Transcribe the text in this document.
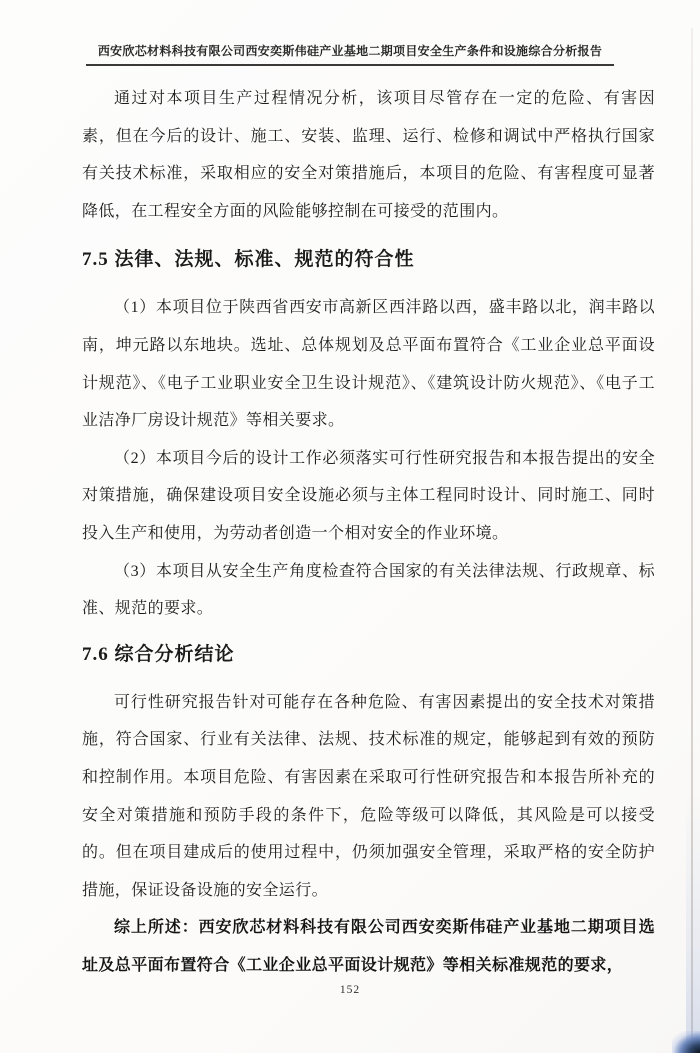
西安欣芯材料科技有限公司西安奕斯伟硅产业基地二期项目安全生产条件和设施综合分析报告

通过对本项目生产过程情况分析，该项目尽管存在一定的危险、有害因素，但在今后的设计、施工、安装、监理、运行、检修和调试中严格执行国家有关技术标准，采取相应的安全对策措施后，本项目的危险、有害程度可显著降低，在工程安全方面的风险能够控制在可接受的范围内。

7.5 法律、法规、标准、规范的符合性

（1）本项目位于陕西省西安市高新区西沣路以西，盛丰路以北，润丰路以南，坤元路以东地块。选址、总体规划及总平面布置符合《工业企业总平面设计规范》、《电子工业职业安全卫生设计规范》、《建筑设计防火规范》、《电子工业洁净厂房设计规范》等相关要求。

（2）本项目今后的设计工作必须落实可行性研究报告和本报告提出的安全对策措施，确保建设项目安全设施必须与主体工程同时设计、同时施工、同时投入生产和使用，为劳动者创造一个相对安全的作业环境。

（3）本项目从安全生产角度检查符合国家的有关法律法规、行政规章、标准、规范的要求。

7.6 综合分析结论

可行性研究报告针对可能存在各种危险、有害因素提出的安全技术对策措施，符合国家、行业有关法律、法规、技术标准的规定，能够起到有效的预防和控制作用。本项目危险、有害因素在采取可行性研究报告和本报告所补充的安全对策措施和预防手段的条件下，危险等级可以降低，其风险是可以接受的。但在项目建成后的使用过程中，仍须加强安全管理，采取严格的安全防护措施，保证设备设施的安全运行。

综上所述：西安欣芯材料科技有限公司西安奕斯伟硅产业基地二期项目选址及总平面布置符合《工业企业总平面设计规范》等相关标准规范的要求，

152
